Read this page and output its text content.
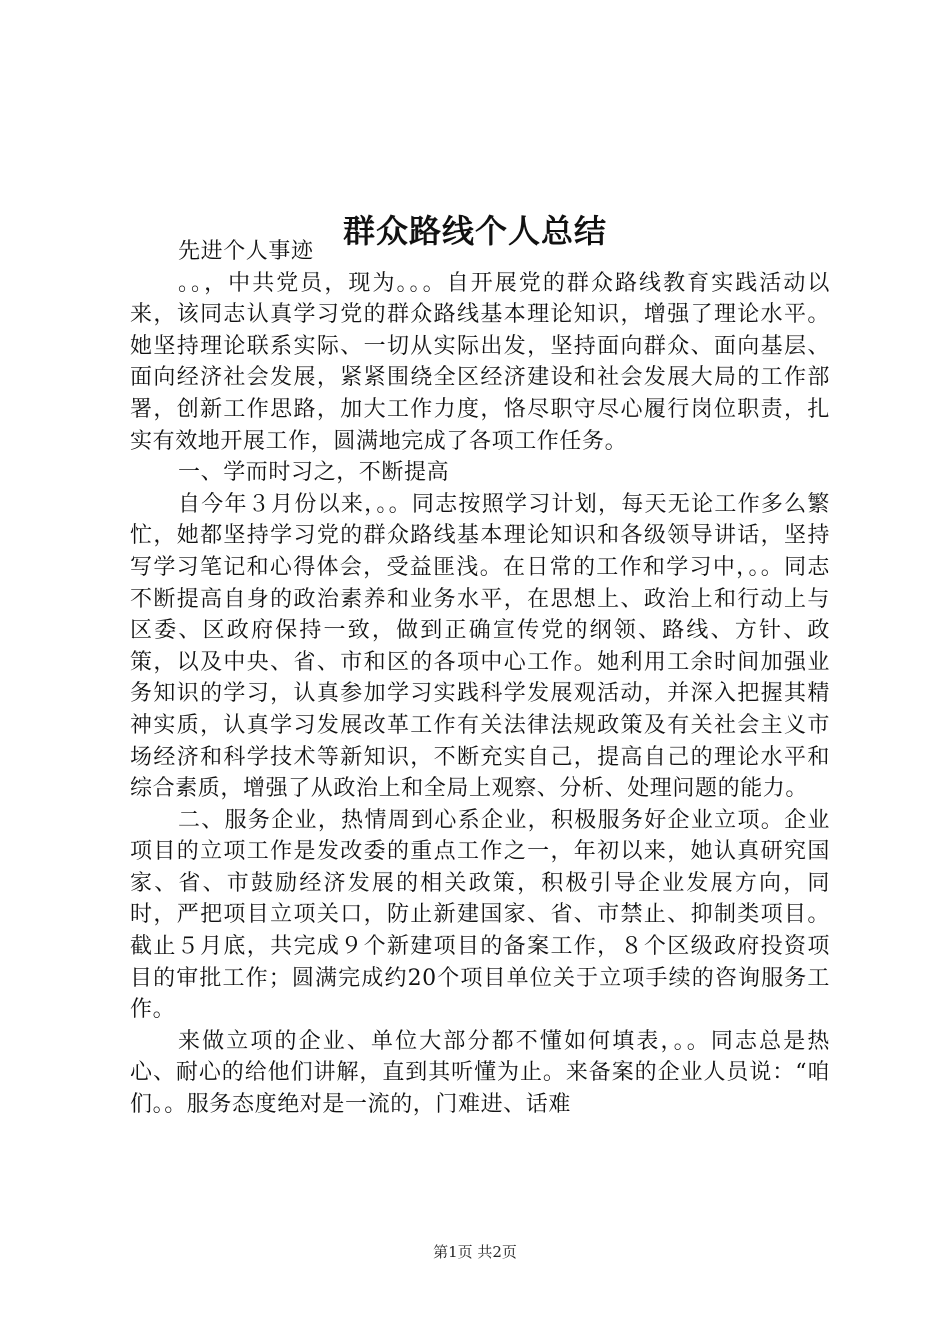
群众路线个人总结

先进个人事迹

。。，中共党员，现为。。。自开展党的群众路线教育实践活动以来，该同志认真学习党的群众路线基本理论知识，增强了理论水平。她坚持理论联系实际、一切从实际出发，坚持面向群众、面向基层、面向经济社会发展，紧紧围绕全区经济建设和社会发展大局的工作部署，创新工作思路，加大工作力度，恪尽职守尽心履行岗位职责，扎实有效地开展工作，圆满地完成了各项工作任务。

一、学而时习之，不断提高

自今年３月份以来，。。同志按照学习计划，每天无论工作多么繁忙，她都坚持学习党的群众路线基本理论知识和各级领导讲话，坚持写学习笔记和心得体会，受益匪浅。在日常的工作和学习中，。。同志不断提高自身的政治素养和业务水平，在思想上、政治上和行动上与区委、区政府保持一致，做到正确宣传党的纲领、路线、方针、政策，以及中央、省、市和区的各项中心工作。她利用工余时间加强业务知识的学习，认真参加学习实践科学发展观活动，并深入把握其精神实质，认真学习发展改革工作有关法律法规政策及有关社会主义市场经济和科学技术等新知识，不断充实自己，提高自己的理论水平和综合素质，增强了从政治上和全局上观察、分析、处理问题的能力。

二、服务企业，热情周到心系企业，积极服务好企业立项。企业项目的立项工作是发改委的重点工作之一，年初以来，她认真研究国家、省、市鼓励经济发展的相关政策，积极引导企业发展方向，同时，严把项目立项关口，防止新建国家、省、市禁止、抑制类项目。截止５月底，共完成９个新建项目的备案工作，８个区级政府投资项目的审批工作；圆满完成约20个项目单位关于立项手续的咨询服务工作。

来做立项的企业、单位大部分都不懂如何填表，。。同志总是热心、耐心的给他们讲解，直到其听懂为止。来备案的企业人员说：“咱们。。服务态度绝对是一流的，门难进、话难

第1页 共2页
